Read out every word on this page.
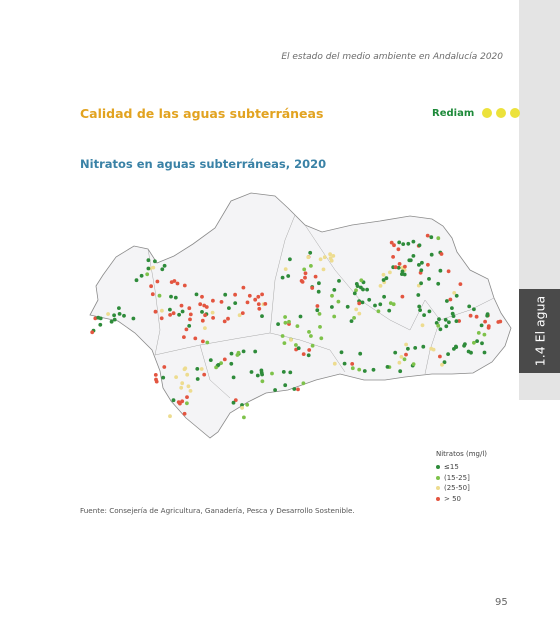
1.4 El agua
El estado del medio ambiente en Andalucía 2020
Calidad de las aguas subterráneas	Rediam
Nitratos en aguas subterráneas, 2020
Nitratos (mg/l)
≤15
(15-25]
(25-50]
> 50
Fuente: Consejería de Agricultura, Ganadería, Pesca y Desarrollo Sostenible.
95
